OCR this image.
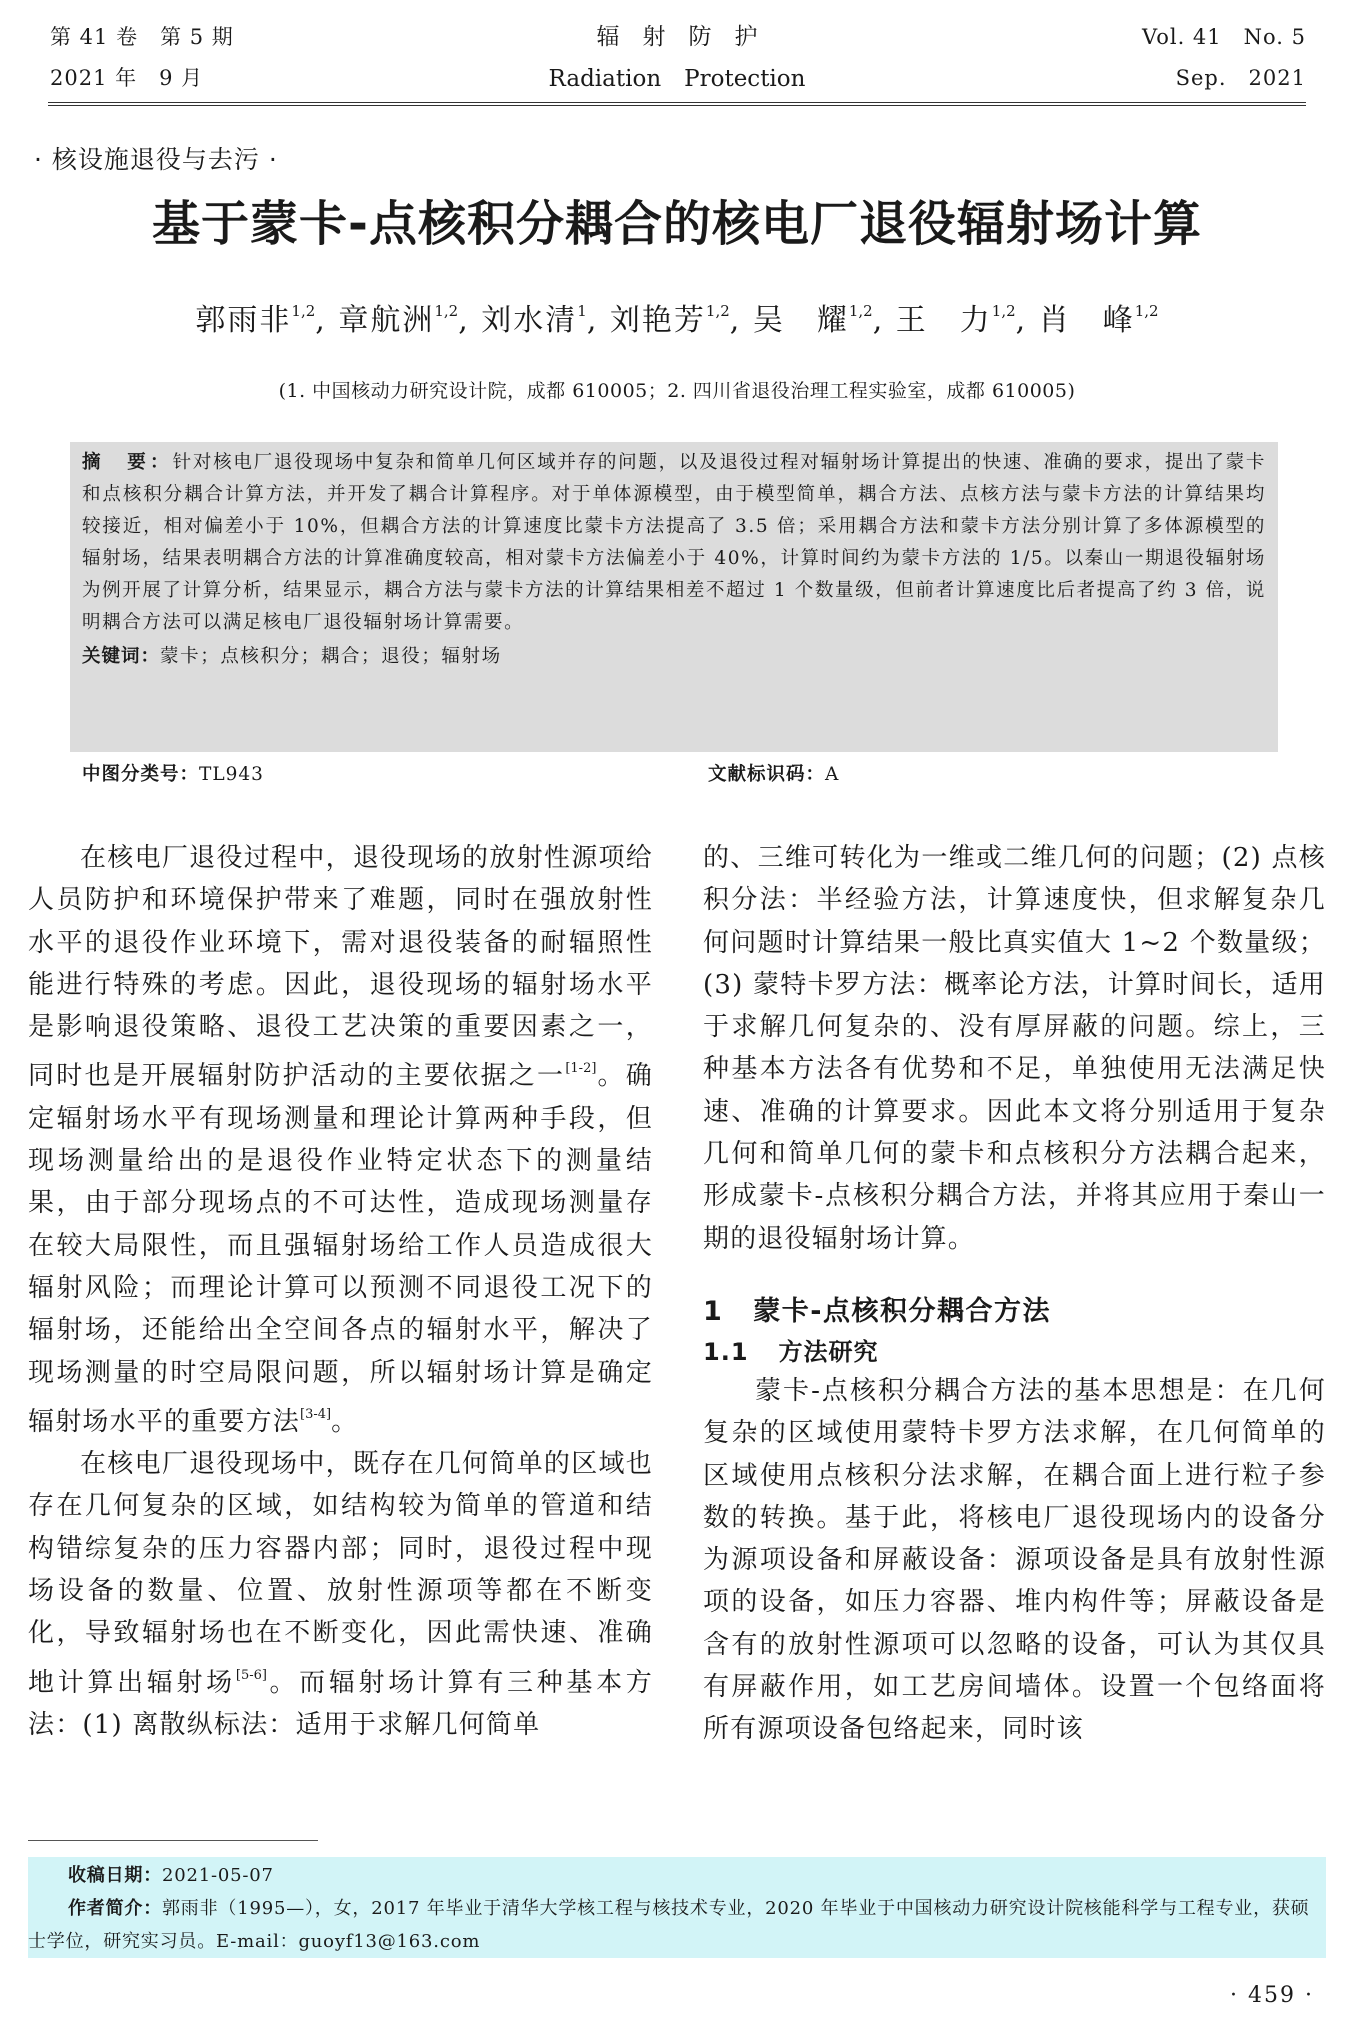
第 41 卷　第 5 期
2021 年　9 月
辐　射　防　护
Radiation　Protection
Vol. 41　No. 5
Sep.　2021
· 核设施退役与去污 ·
基于蒙卡-点核积分耦合的核电厂退役辐射场计算
郭雨非$^{1,2}$, 章航洲$^{1,2}$, 刘水清$^1$, 刘艳芳$^{1,2}$, 吴　耀$^{1,2}$, 王　力$^{1,2}$, 肖　峰$^{1,2}$
(1. 中国核动力研究设计院，成都 610005；2. 四川省退役治理工程实验室，成都 610005)
摘　要：针对核电厂退役现场中复杂和简单几何区域并存的问题，以及退役过程对辐射场计算提出的快速、准确的要求，提出了蒙卡和点核积分耦合计算方法，并开发了耦合计算程序。对于单体源模型，由于模型简单，耦合方法、点核方法与蒙卡方法的计算结果均较接近，相对偏差小于 10%，但耦合方法的计算速度比蒙卡方法提高了 3.5 倍；采用耦合方法和蒙卡方法分别计算了多体源模型的辐射场，结果表明耦合方法的计算准确度较高，相对蒙卡方法偏差小于 40%，计算时间约为蒙卡方法的 1/5。以秦山一期退役辐射场为例开展了计算分析，结果显示，耦合方法与蒙卡方法的计算结果相差不超过 1 个数量级，但前者计算速度比后者提高了约 3 倍，说明耦合方法可以满足核电厂退役辐射场计算需要。
关键词：蒙卡；点核积分；耦合；退役；辐射场
中图分类号：TL943	文献标识码：A

在核电厂退役过程中，退役现场的放射性源项给人员防护和环境保护带来了难题，同时在强放射性水平的退役作业环境下，需对退役装备的耐辐照性能进行特殊的考虑。因此，退役现场的辐射场水平是影响退役策略、退役工艺决策的重要因素之一，同时也是开展辐射防护活动的主要依据之一[1-2]。确定辐射场水平有现场测量和理论计算两种手段，但现场测量给出的是退役作业特定状态下的测量结果，由于部分现场点的不可达性，造成现场测量存在较大局限性，而且强辐射场给工作人员造成很大辐射风险；而理论计算可以预测不同退役工况下的辐射场，还能给出全空间各点的辐射水平，解决了现场测量的时空局限问题，所以辐射场计算是确定辐射场水平的重要方法[3-4]。

在核电厂退役现场中，既存在几何简单的区域也存在几何复杂的区域，如结构较为简单的管道和结构错综复杂的压力容器内部；同时，退役过程中现场设备的数量、位置、放射性源项等都在不断变化，导致辐射场也在不断变化，因此需快速、准确地计算出辐射场[5-6]。而辐射场计算有三种基本方法：(1) 离散纵标法：适用于求解几何简单

的、三维可转化为一维或二维几何的问题；(2) 点核积分法：半经验方法，计算速度快，但求解复杂几何问题时计算结果一般比真实值大 1~2 个数量级；(3) 蒙特卡罗方法：概率论方法，计算时间长，适用于求解几何复杂的、没有厚屏蔽的问题。综上，三种基本方法各有优势和不足，单独使用无法满足快速、准确的计算要求。因此本文将分别适用于复杂几何和简单几何的蒙卡和点核积分方法耦合起来，形成蒙卡-点核积分耦合方法，并将其应用于秦山一期的退役辐射场计算。

1 蒙卡-点核积分耦合方法
1.1 方法研究

蒙卡-点核积分耦合方法的基本思想是：在几何复杂的区域使用蒙特卡罗方法求解，在几何简单的区域使用点核积分法求解，在耦合面上进行粒子参数的转换。基于此，将核电厂退役现场内的设备分为源项设备和屏蔽设备：源项设备是具有放射性源项的设备，如压力容器、堆内构件等；屏蔽设备是含有的放射性源项可以忽略的设备，可认为其仅具有屏蔽作用，如工艺房间墙体。设置一个包络面将所有源项设备包络起来，同时该

收稿日期：2021-05-07
作者简介：郭雨非（1995—），女，2017 年毕业于清华大学核工程与核技术专业，2020 年毕业于中国核动力研究设计院核能科学与工程专业，获硕士学位，研究实习员。E-mail：guoyf13@163.com
· 459 ·
